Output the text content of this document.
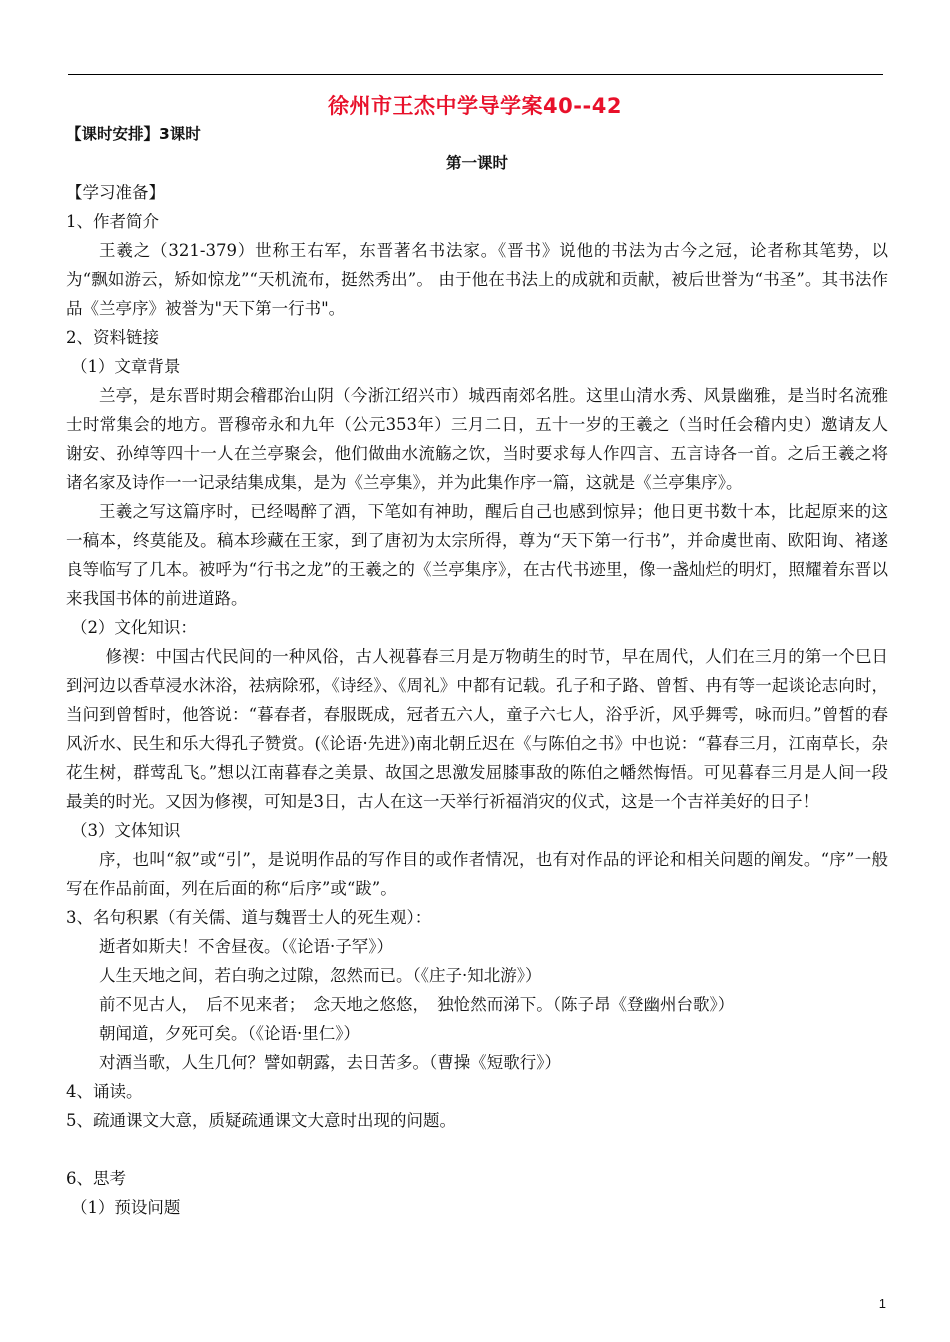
徐州市王杰中学导学案40--42
【课时安排】3课时
第一课时
【学习准备】
1、作者简介
王羲之（321-379）世称王右军，东晋著名书法家。《晋书》说他的书法为古今之冠，论者称其笔势，以为“飘如游云，矫如惊龙”“天机流布，挺然秀出”。 由于他在书法上的成就和贡献，被后世誉为“书圣”。其书法作品《兰亭序》被誉为"天下第一行书"。
2、资料链接
（1）文章背景
兰亭，是东晋时期会稽郡治山阴（今浙江绍兴市）城西南郊名胜。这里山清水秀、风景幽雅，是当时名流雅士时常集会的地方。晋穆帝永和九年（公元353年）三月二日，五十一岁的王羲之（当时任会稽内史）邀请友人谢安、孙绰等四十一人在兰亭聚会，他们做曲水流觞之饮，当时要求每人作四言、五言诗各一首。之后王羲之将诸名家及诗作一一记录结集成集，是为《兰亭集》，并为此集作序一篇，这就是《兰亭集序》。
王羲之写这篇序时，已经喝醉了酒，下笔如有神助，醒后自己也感到惊异；他日更书数十本，比起原来的这一稿本，终莫能及。稿本珍藏在王家，到了唐初为太宗所得，尊为“天下第一行书”，并命虞世南、欧阳询、褚遂良等临写了几本。被呼为“行书之龙”的王羲之的《兰亭集序》，在古代书迹里，像一盏灿烂的明灯，照耀着东晋以来我国书体的前进道路。
（2）文化知识：
修禊：中国古代民间的一种风俗，古人视暮春三月是万物萌生的时节，早在周代，人们在三月的第一个巳日到河边以香草浸水沐浴，祛病除邪，《诗经》、《周礼》中都有记载。孔子和子路、曾皙、冉有等一起谈论志向时，当问到曾皙时，他答说：“暮春者，春服既成，冠者五六人，童子六七人，浴乎沂，风乎舞雩，咏而归。”曾皙的春风沂水、民生和乐大得孔子赞赏。(《论语·先进》)南北朝丘迟在《与陈伯之书》中也说：“暮春三月，江南草长，杂花生树，群莺乱飞。”想以江南暮春之美景、故国之思激发屈膝事敌的陈伯之幡然悔悟。可见暮春三月是人间一段最美的时光。又因为修禊，可知是3日，古人在这一天举行祈福消灾的仪式，这是一个吉祥美好的日子！
（3）文体知识
序，也叫“叙”或“引”，是说明作品的写作目的或作者情况，也有对作品的评论和相关问题的阐发。“序”一般写在作品前面，列在后面的称“后序”或“跋”。
3、名句积累（有关儒、道与魏晋士人的死生观）：
逝者如斯夫！不舍昼夜。（《论语·子罕》）
人生天地之间，若白驹之过隙，忽然而已。（《庄子·知北游》）
前不见古人，　后不见来者；　念天地之悠悠，　独怆然而涕下。（陈子昂《登幽州台歌》）
朝闻道，夕死可矣。（《论语·里仁》）
对酒当歌，人生几何？譬如朝露，去日苦多。（曹操《短歌行》）
4、诵读。
5、疏通课文大意，质疑疏通课文大意时出现的问题。
6、思考
（1）预设问题
1
